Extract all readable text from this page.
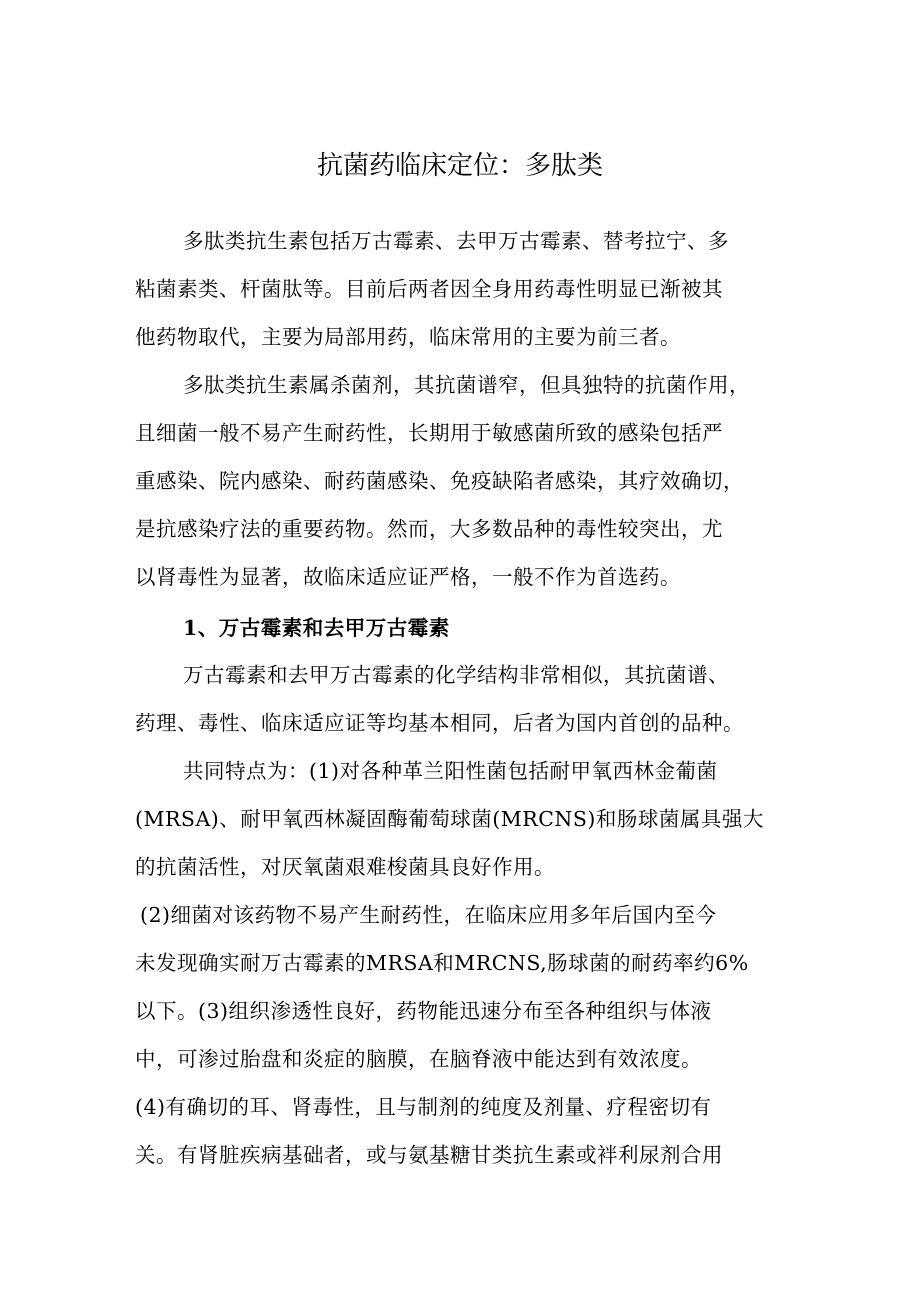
抗菌药临床定位：多肽类

多肽类抗生素包括万古霉素、去甲万古霉素、替考拉宁、多

粘菌素类、杆菌肽等。目前后两者因全身用药毒性明显已渐被其

他药物取代，主要为局部用药，临床常用的主要为前三者。

多肽类抗生素属杀菌剂，其抗菌谱窄，但具独特的抗菌作用，

且细菌一般不易产生耐药性，长期用于敏感菌所致的感染包括严

重感染、院内感染、耐药菌感染、免疫缺陷者感染，其疗效确切，

是抗感染疗法的重要药物。然而，大多数品种的毒性较突出，尤

以肾毒性为显著，故临床适应证严格，一般不作为首选药。

1、万古霉素和去甲万古霉素

万古霉素和去甲万古霉素的化学结构非常相似，其抗菌谱、

药理、毒性、临床适应证等均基本相同，后者为国内首创的品种。

共同特点为：(1)对各种革兰阳性菌包括耐甲氧西林金葡菌

(MRSA)、耐甲氧西林凝固酶葡萄球菌(MRCNS)和肠球菌属具强大

的抗菌活性，对厌氧菌艰难梭菌具良好作用。

(2)细菌对该药物不易产生耐药性，在临床应用多年后国内至今

未发现确实耐万古霉素的MRSA和MRCNS,肠球菌的耐药率约6%

以下。(3)组织渗透性良好，药物能迅速分布至各种组织与体液

中，可渗过胎盘和炎症的脑膜，在脑脊液中能达到有效浓度。

(4)有确切的耳、肾毒性，且与制剂的纯度及剂量、疗程密切有

关。有肾脏疾病基础者，或与氨基糖甘类抗生素或袢利尿剂合用
